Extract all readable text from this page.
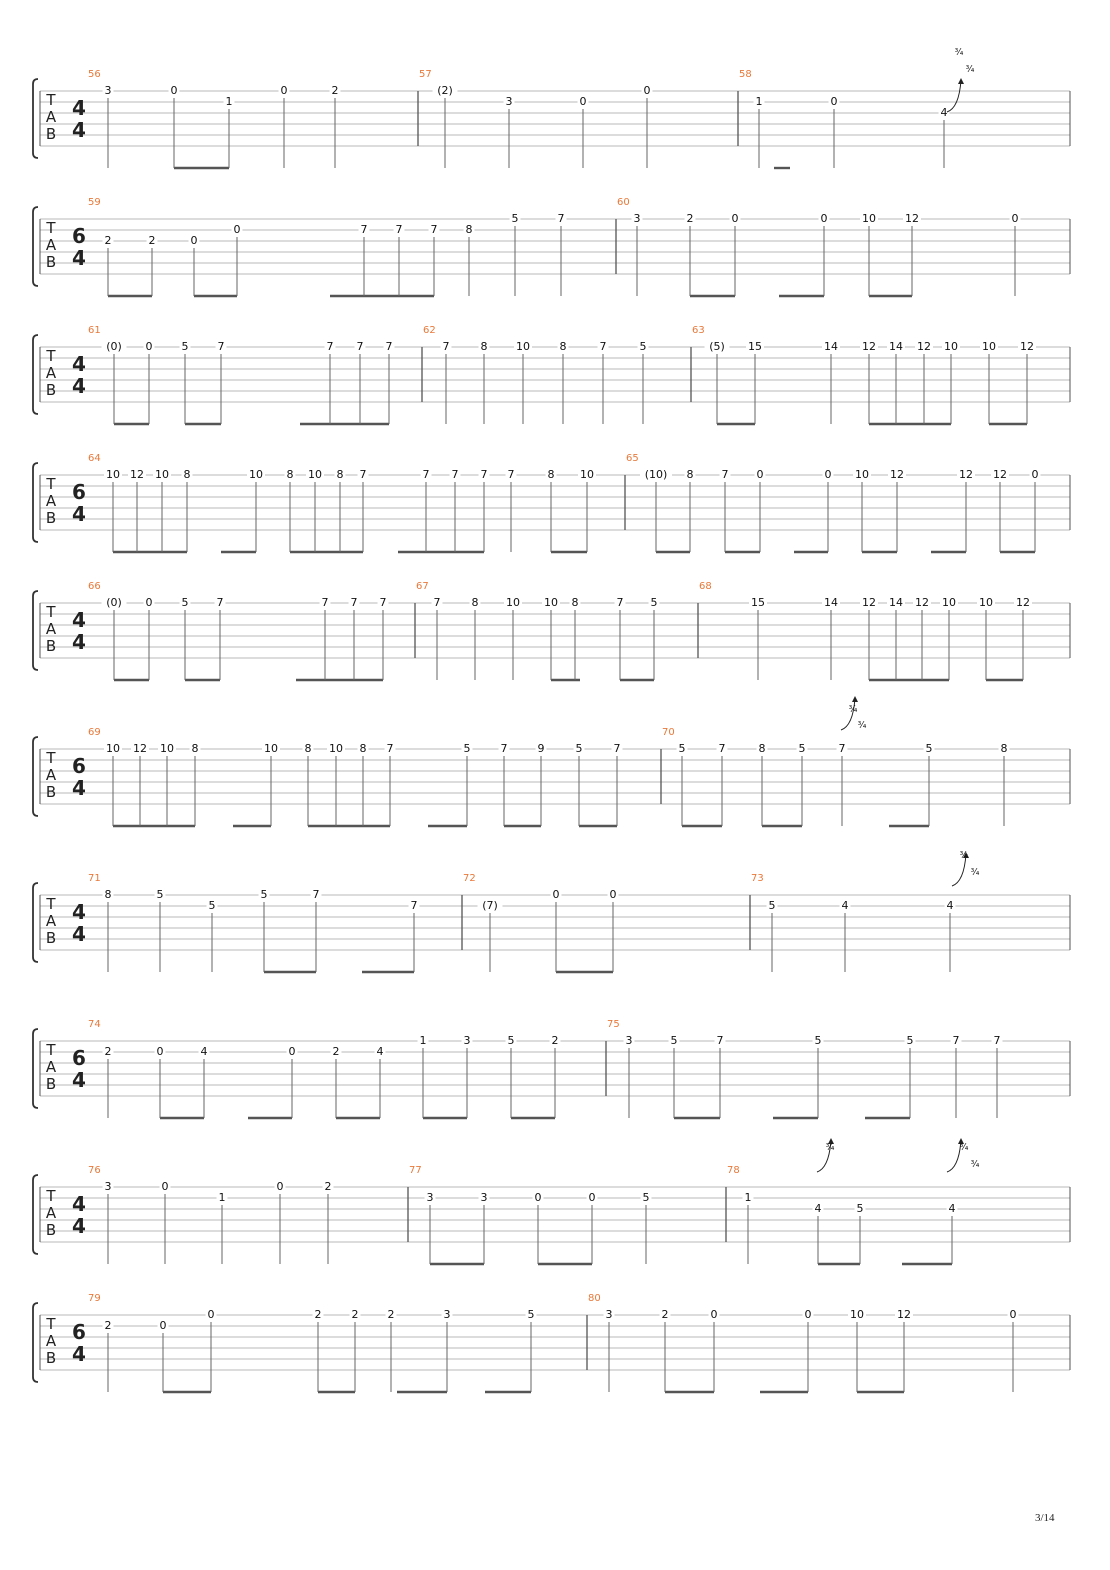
T
A
B
4
4
56
3	0
1
0	2
57
(2)
3	0
0
58
1	0
4
T
A
B
6
4
59
2	2	0
0	7	7	7	8
5	7
60
3	2	0	0	10	12	0
T
A
B
4
4
61
(0) 0	5	7	7 7 7
62
7	8	10	8	7	5
63
(5) 15	14 12 14 12 10 10 12
T
A
B
6
4
64
10 12 10 8	10 8 10 8 7	7 7 7 7	8 10
65
(10) 8	7	0	0 10 12	12 12 0
T
A
B
4
4
66
(0) 0	5	7	7 7 7
67
7	8	10 10 8	7 5
68
15	14 12 14 12 10 10 12
T
A
B
6
4
69
10 12 10 8	10 8 10 8 7	5	7	9	5	7
70
5	7	8	5	7	5	8
T
A
B
4
4
71
8	5
5
5	7
7
72
(7)
0	0
73
5	4	4
T
A
B
6
4
74
2	0	4	0	2	4
1	3	5	2
75
3	5	7	5	5	7	7
T
A
B
4
4
76
3	0
1
0	2
77
3	3	0	0	5
78
1
4	5	4
T
A
B
6
4
79
2	0
0	2	2	2	3	5
80
3	2	0	0	10	12	0
¾
¾
¾
¾
¾
¾
¾	¾
¾
3/14
